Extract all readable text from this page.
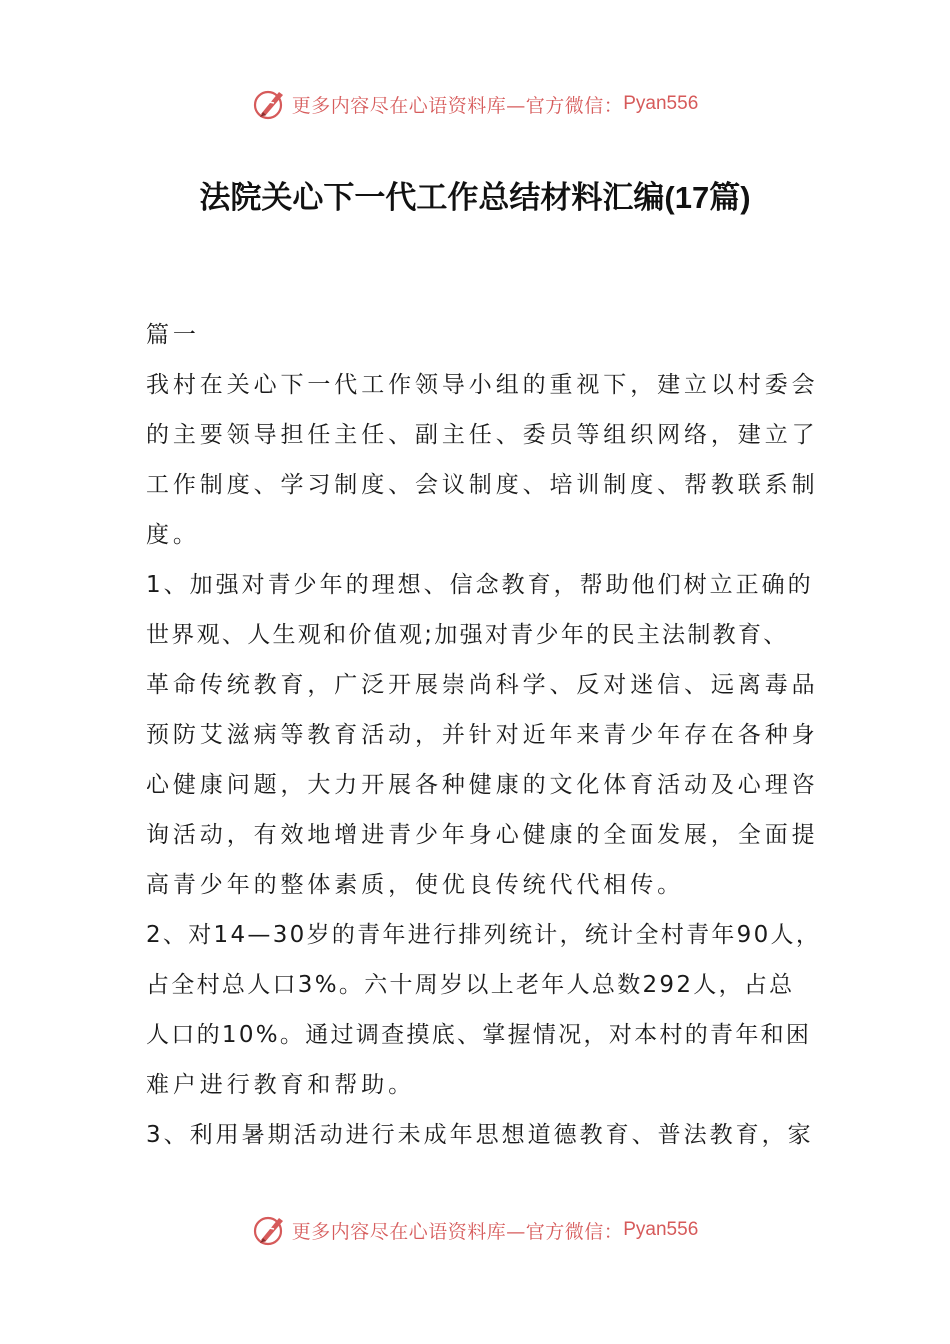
更多内容尽在心语资料库—官方微信： Pyan556
法院关心下一代工作总结材料汇编(17篇)
篇一
我村在关心下一代工作领导小组的重视下，建立以村委会
的主要领导担任主任、副主任、委员等组织网络，建立了
工作制度、学习制度、会议制度、培训制度、帮教联系制
度。
1、加强对青少年的理想、信念教育，帮助他们树立正确的
世界观、人生观和价值观;加强对青少年的民主法制教育、
革命传统教育，广泛开展崇尚科学、反对迷信、远离毒品
预防艾滋病等教育活动，并针对近年来青少年存在各种身
心健康问题，大力开展各种健康的文化体育活动及心理咨
询活动，有效地增进青少年身心健康的全面发展，全面提
高青少年的整体素质，使优良传统代代相传。
2、对14—30岁的青年进行排列统计，统计全村青年90人，
占全村总人口3%。六十周岁以上老年人总数292人，占总
人口的10%。通过调查摸底、掌握情况，对本村的青年和困
难户进行教育和帮助。
3、利用暑期活动进行未成年思想道德教育、普法教育，家
更多内容尽在心语资料库—官方微信： Pyan556
